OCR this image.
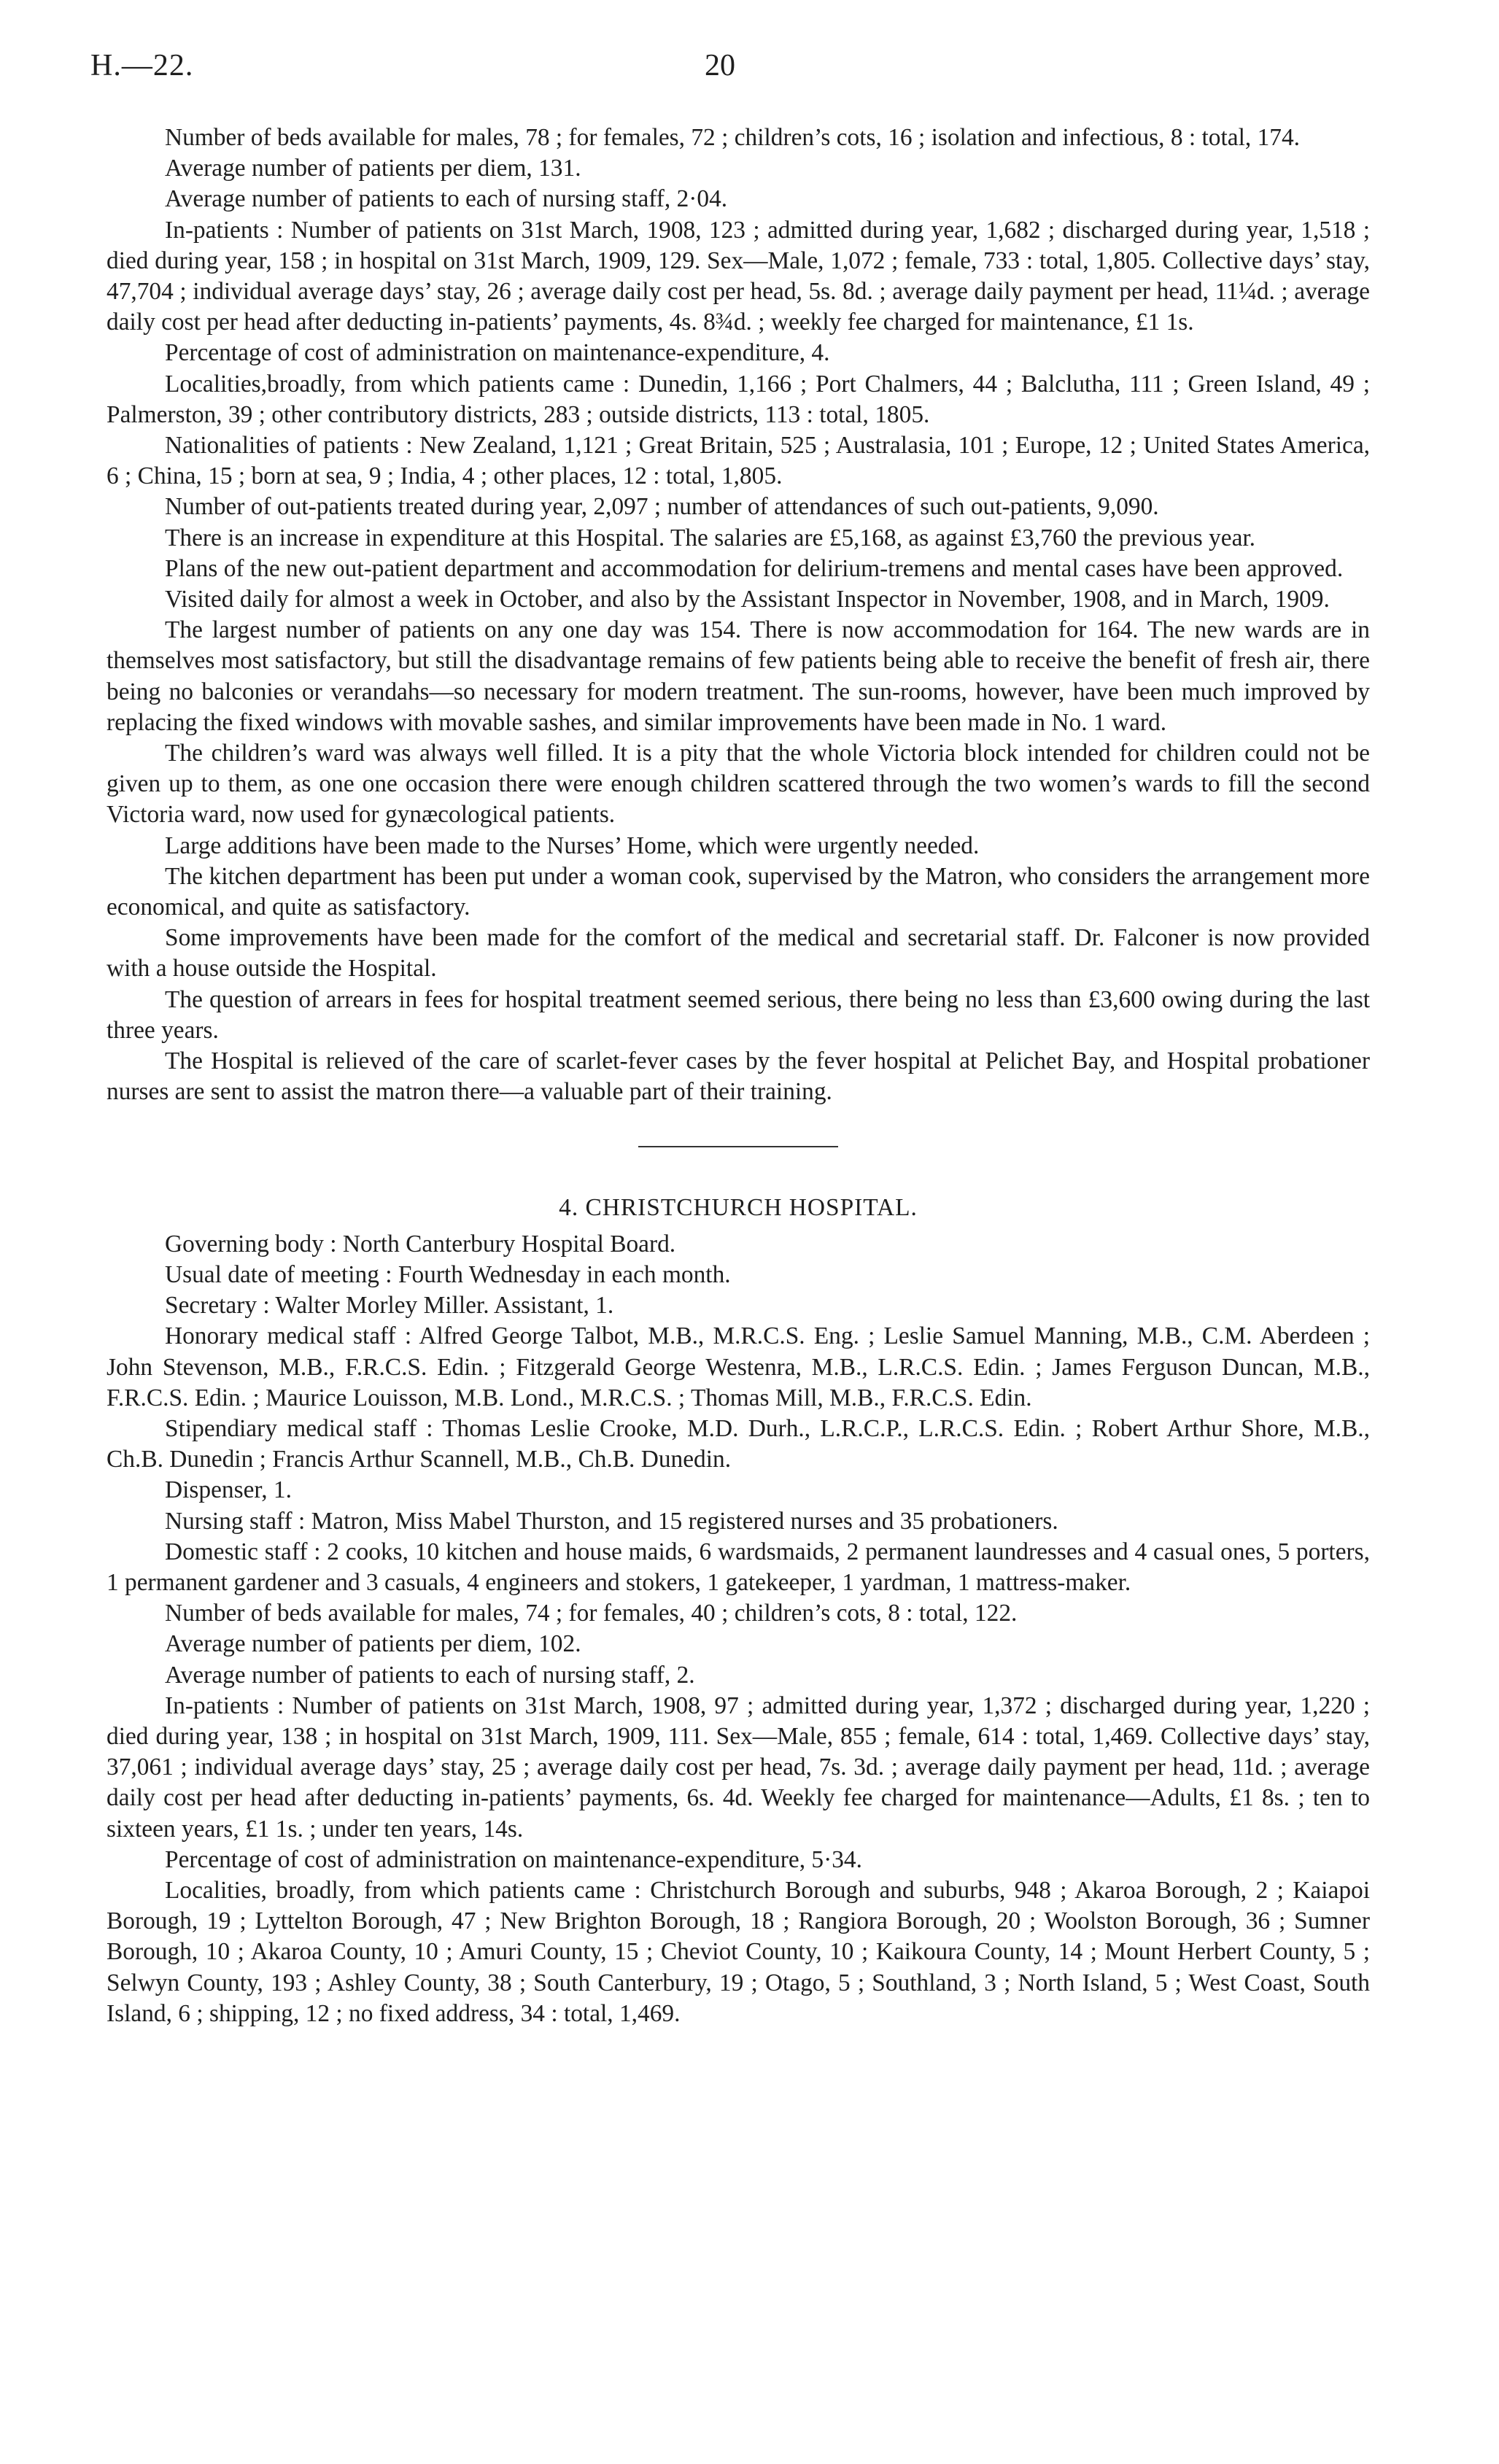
H.—22.	20

Number of beds available for males, 78 ; for females, 72 ; children’s cots, 16 ; isolation and infectious, 8 : total, 174.

Average number of patients per diem, 131.

Average number of patients to each of nursing staff, 2·04.

In-patients : Number of patients on 31st March, 1908, 123 ; admitted during year, 1,682 ; discharged during year, 1,518 ; died during year, 158 ; in hospital on 31st March, 1909, 129. Sex—Male, 1,072 ; female, 733 : total, 1,805. Collective days’ stay, 47,704 ; individual average days’ stay, 26 ; average daily cost per head, 5s. 8d. ; average daily payment per head, 11¼d. ; average daily cost per head after deducting in-patients’ payments, 4s. 8¾d. ; weekly fee charged for maintenance, £1 1s.

Percentage of cost of administration on maintenance-expenditure, 4.

Localities,broadly, from which patients came : Dunedin, 1,166 ; Port Chalmers, 44 ; Balclutha, 111 ; Green Island, 49 ; Palmerston, 39 ; other contributory districts, 283 ; outside districts, 113 : total, 1805.

Nationalities of patients : New Zealand, 1,121 ; Great Britain, 525 ; Australasia, 101 ; Europe, 12 ; United States America, 6 ; China, 15 ; born at sea, 9 ; India, 4 ; other places, 12 : total, 1,805.

Number of out-patients treated during year, 2,097 ; number of attendances of such out-patients, 9,090.

There is an increase in expenditure at this Hospital. The salaries are £5,168, as against £3,760 the previous year.

Plans of the new out-patient department and accommodation for delirium-tremens and mental cases have been approved.

Visited daily for almost a week in October, and also by the Assistant Inspector in November, 1908, and in March, 1909.

The largest number of patients on any one day was 154. There is now accommodation for 164. The new wards are in themselves most satisfactory, but still the disadvantage remains of few patients being able to receive the benefit of fresh air, there being no balconies or verandahs—so necessary for modern treatment. The sun-rooms, however, have been much improved by replacing the fixed windows with movable sashes, and similar improvements have been made in No. 1 ward.

The children’s ward was always well filled. It is a pity that the whole Victoria block intended for children could not be given up to them, as one one occasion there were enough children scattered through the two women’s wards to fill the second Victoria ward, now used for gynæcological patients.

Large additions have been made to the Nurses’ Home, which were urgently needed.

The kitchen department has been put under a woman cook, supervised by the Matron, who considers the arrangement more economical, and quite as satisfactory.

Some improvements have been made for the comfort of the medical and secretarial staff. Dr. Falconer is now provided with a house outside the Hospital.

The question of arrears in fees for hospital treatment seemed serious, there being no less than £3,600 owing during the last three years.

The Hospital is relieved of the care of scarlet-fever cases by the fever hospital at Pelichet Bay, and Hospital probationer nurses are sent to assist the matron there—a valuable part of their training.

4. CHRISTCHURCH HOSPITAL.

Governing body : North Canterbury Hospital Board.

Usual date of meeting : Fourth Wednesday in each month.

Secretary : Walter Morley Miller. Assistant, 1.

Honorary medical staff : Alfred George Talbot, M.B., M.R.C.S. Eng. ; Leslie Samuel Manning, M.B., C.M. Aberdeen ; John Stevenson, M.B., F.R.C.S. Edin. ; Fitzgerald George Westenra, M.B., L.R.C.S. Edin. ; James Ferguson Duncan, M.B., F.R.C.S. Edin. ; Maurice Louisson, M.B. Lond., M.R.C.S. ; Thomas Mill, M.B., F.R.C.S. Edin.

Stipendiary medical staff : Thomas Leslie Crooke, M.D. Durh., L.R.C.P., L.R.C.S. Edin. ; Robert Arthur Shore, M.B., Ch.B. Dunedin ; Francis Arthur Scannell, M.B., Ch.B. Dunedin.

Dispenser, 1.

Nursing staff : Matron, Miss Mabel Thurston, and 15 registered nurses and 35 probationers.

Domestic staff : 2 cooks, 10 kitchen and house maids, 6 wardsmaids, 2 permanent laundresses and 4 casual ones, 5 porters, 1 permanent gardener and 3 casuals, 4 engineers and stokers, 1 gatekeeper, 1 yardman, 1 mattress-maker.

Number of beds available for males, 74 ; for females, 40 ; children’s cots, 8 : total, 122.

Average number of patients per diem, 102.

Average number of patients to each of nursing staff, 2.

In-patients : Number of patients on 31st March, 1908, 97 ; admitted during year, 1,372 ; discharged during year, 1,220 ; died during year, 138 ; in hospital on 31st March, 1909, 111. Sex—Male, 855 ; female, 614 : total, 1,469. Collective days’ stay, 37,061 ; individual average days’ stay, 25 ; average daily cost per head, 7s. 3d. ; average daily payment per head, 11d. ; average daily cost per head after deducting in-patients’ payments, 6s. 4d. Weekly fee charged for maintenance—Adults, £1 8s. ; ten to sixteen years, £1 1s. ; under ten years, 14s.

Percentage of cost of administration on maintenance-expenditure, 5·34.

Localities, broadly, from which patients came : Christchurch Borough and suburbs, 948 ; Akaroa Borough, 2 ; Kaiapoi Borough, 19 ; Lyttelton Borough, 47 ; New Brighton Borough, 18 ; Rangiora Borough, 20 ; Woolston Borough, 36 ; Sumner Borough, 10 ; Akaroa County, 10 ; Amuri County, 15 ; Cheviot County, 10 ; Kaikoura County, 14 ; Mount Herbert County, 5 ; Selwyn County, 193 ; Ashley County, 38 ; South Canterbury, 19 ; Otago, 5 ; Southland, 3 ; North Island, 5 ; West Coast, South Island, 6 ; shipping, 12 ; no fixed address, 34 : total, 1,469.
